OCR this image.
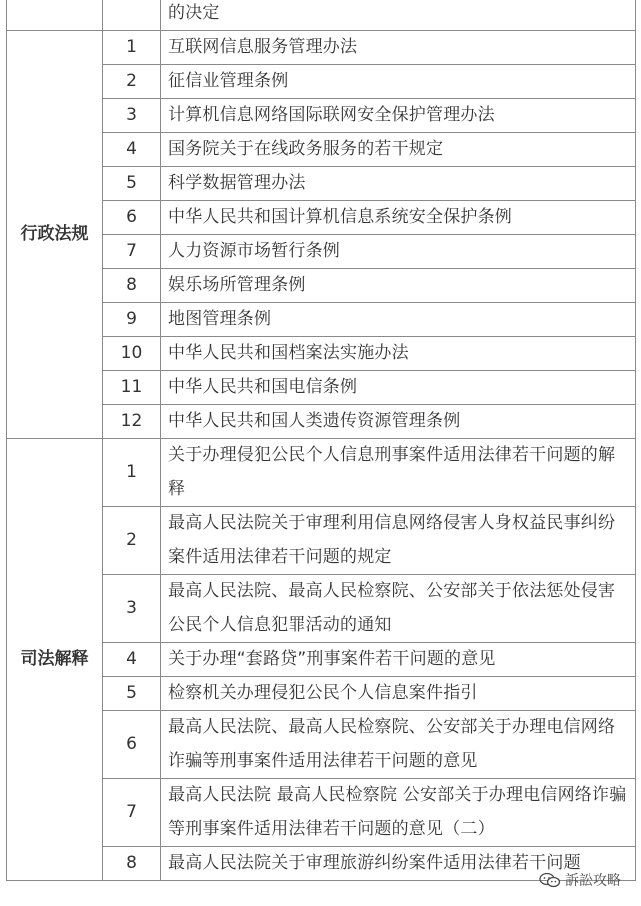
		的决定
行政法规	1	互联网信息服务管理办法
	2	征信业管理条例
	3	计算机信息网络国际联网安全保护管理办法
	4	国务院关于在线政务服务的若干规定
	5	科学数据管理办法
	6	中华人民共和国计算机信息系统安全保护条例
	7	人力资源市场暂行条例
	8	娱乐场所管理条例
	9	地图管理条例
	10	中华人民共和国档案法实施办法
	11	中华人民共和国电信条例
	12	中华人民共和国人类遗传资源管理条例
司法解释	1	关于办理侵犯公民个人信息刑事案件适用法律若干问题的解释
	2	最高人民法院关于审理利用信息网络侵害人身权益民事纠纷案件适用法律若干问题的规定
	3	最高人民法院、最高人民检察院、公安部关于依法惩处侵害公民个人信息犯罪活动的通知
	4	关于办理“套路贷”刑事案件若干问题的意见
	5	检察机关办理侵犯公民个人信息案件指引
	6	最高人民法院、最高人民检察院、公安部关于办理电信网络诈骗等刑事案件适用法律若干问题的意见
	7	最高人民法院 最高人民检察院 公安部关于办理电信网络诈骗等刑事案件适用法律若干问题的意见（二）
	8	最高人民法院关于审理旅游纠纷案件适用法律若干问题
訴訟攻略
